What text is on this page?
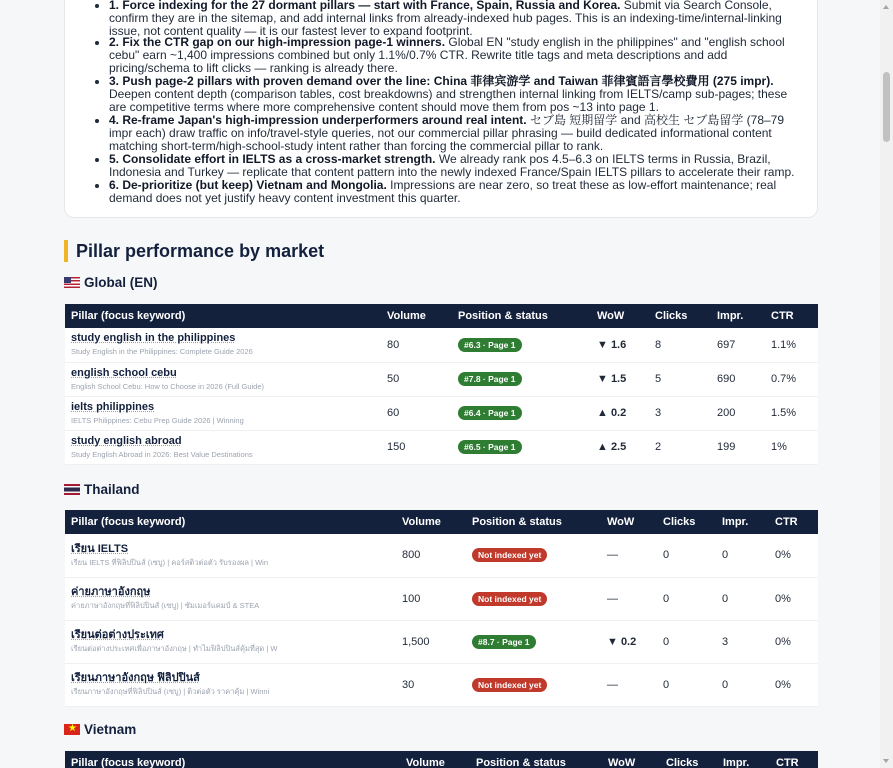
• 1. Force indexing for the 27 dormant pillars — start with France, Spain, Russia and Korea. Submit via Search Console, confirm they are in the sitemap, and add internal links from already-indexed hub pages. This is an indexing-time/internal-linking issue, not content quality — it is our fastest lever to expand footprint.
• 2. Fix the CTR gap on our high-impression page-1 winners. Global EN "study english in the philippines" and "english school cebu" earn ~1,400 impressions combined but only 1.1%/0.7% CTR. Rewrite title tags and meta descriptions and add pricing/schema to lift clicks — ranking is already there.
• 3. Push page-2 pillars with proven demand over the line: China 菲律宾游学 and Taiwan 菲律賓語言學校費用 (275 impr). Deepen content depth (comparison tables, cost breakdowns) and strengthen internal linking from IELTS/camp sub-pages; these are competitive terms where more comprehensive content should move them from pos ~13 into page 1.
• 4. Re-frame Japan's high-impression underperformers around real intent. セブ島 短期留学 and 高校生 セブ島留学 (78–79 impr each) draw traffic on info/travel-style queries, not our commercial pillar phrasing — build dedicated informational content matching short-term/high-school-study intent rather than forcing the commercial pillar to rank.
• 5. Consolidate effort in IELTS as a cross-market strength. We already rank pos 4.5–6.3 on IELTS terms in Russia, Brazil, Indonesia and Turkey — replicate that content pattern into the newly indexed France/Spain IELTS pillars to accelerate their ramp.
• 6. De-prioritize (but keep) Vietnam and Mongolia. Impressions are near zero, so treat these as low-effort maintenance; real demand does not yet justify heavy content investment this quarter.
Pillar performance by market
Global (EN)
Pillar (focus keyword)	Volume	Position & status	WoW	Clicks	Impr.	CTR

study english in the philippines
Study English in the Philippines: Complete Guide 2026	80	#6.3 · Page 1	▼ 1.6	8	697	1.1%

english school cebu
English School Cebu: How to Choose in 2026 (Full Guide)	50	#7.8 · Page 1	▼ 1.5	5	690	0.7%

ielts philippines
IELTS Philippines: Cebu Prep Guide 2026 | Winning	60	#6.4 · Page 1	▲ 0.2	3	200	1.5%

study english abroad
Study English Abroad in 2026: Best Value Destinations	150	#6.5 · Page 1	▲ 2.5	2	199	1%
Thailand
Pillar (focus keyword)	Volume	Position & status	WoW	Clicks	Impr.	CTR

เรียน IELTS
เรียน IELTS ที่ฟิลิปปินส์ (เซบู) | คอร์สติวต่อตัว รับรองผล | Win	800	Not indexed yet	—	0	0	0%

ค่ายภาษาอังกฤษ
ค่ายภาษาอังกฤษที่ฟิลิปปินส์ (เซบู) | ซัมเมอร์แคมป์ & STEA	100	Not indexed yet	—	0	0	0%

เรียนต่อต่างประเทศ
เรียนต่อต่างประเทศเพื่อภาษาอังกฤษ | ทำไมฟิลิปปินส์คุ้มที่สุด | W	1,500	#8.7 · Page 1	▼ 0.2	0	3	0%

เรียนภาษาอังกฤษ ฟิลิปปินส์
เรียนภาษาอังกฤษที่ฟิลิปปินส์ (เซบู) | ติวต่อตัว ราคาคุ้ม | Winni	30	Not indexed yet	—	0	0	0%
★Vietnam
Pillar (focus keyword)	Volume	Position & status	WoW	Clicks	Impr.	CTR
